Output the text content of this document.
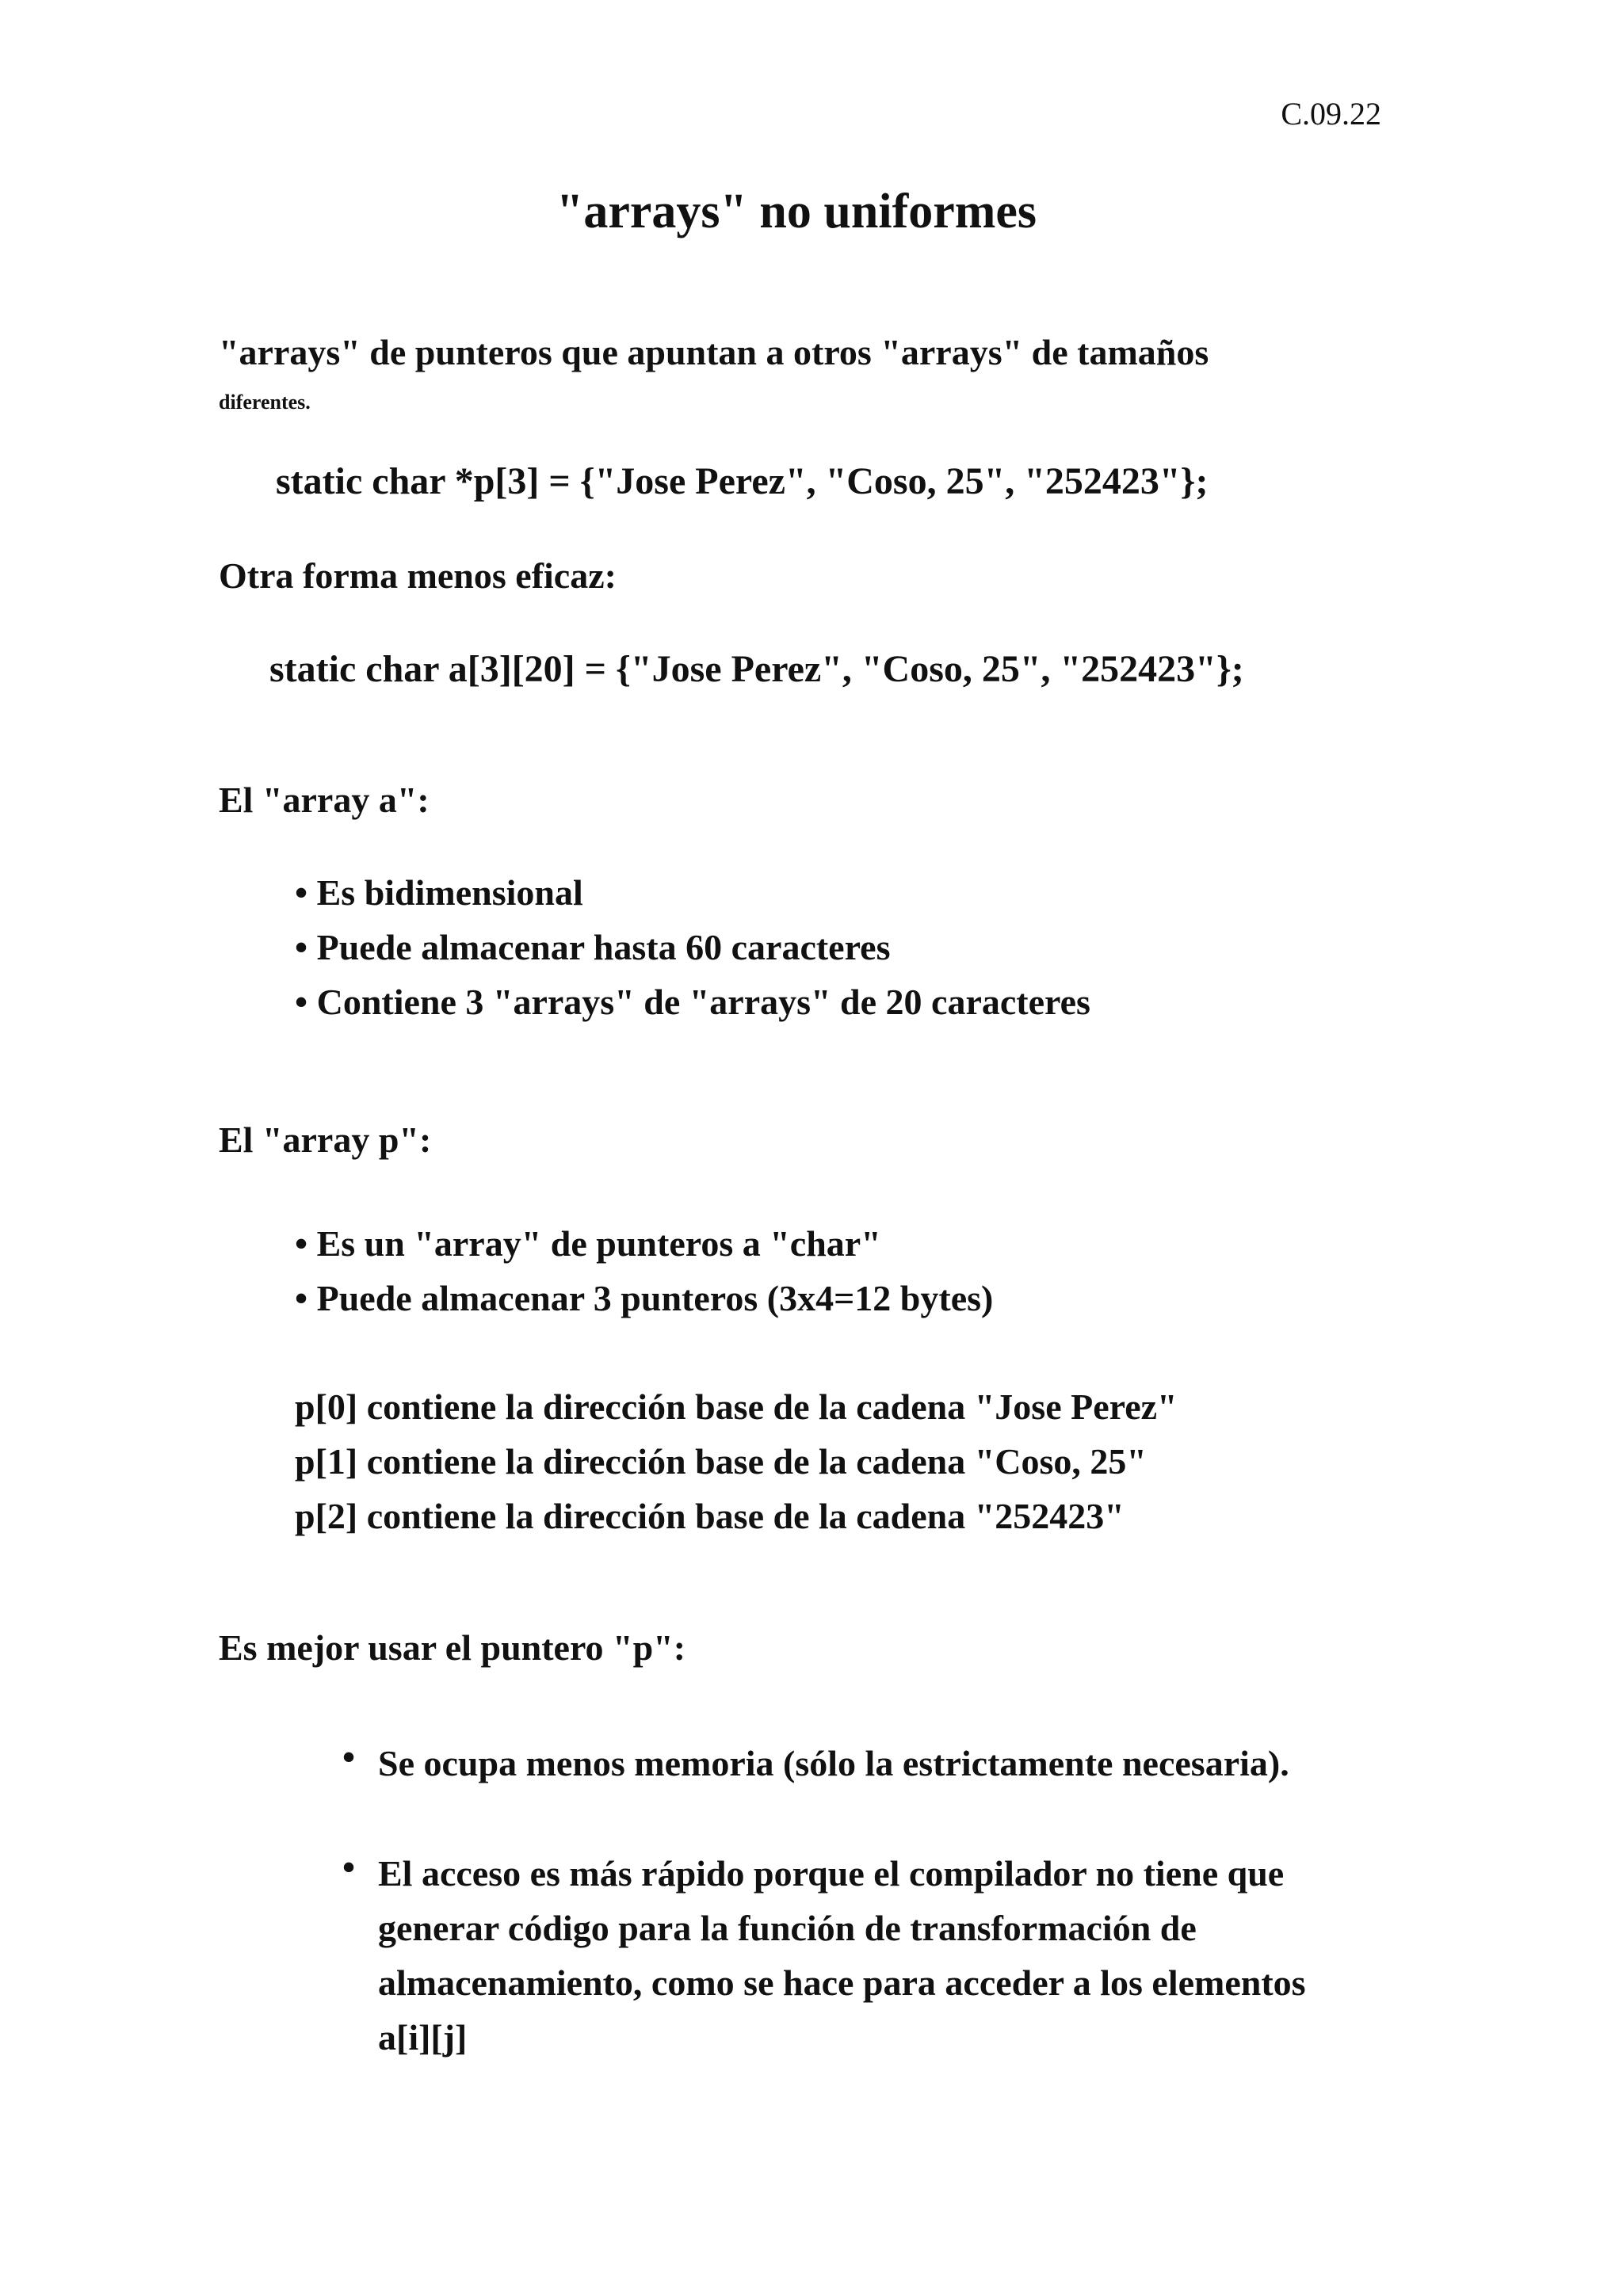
C.09.22
"arrays" no uniformes
"arrays" de punteros que apuntan a otros "arrays" de tamaños
diferentes.
static char *p[3] = {"Jose Perez", "Coso, 25", "252423"};
Otra forma menos eficaz:
static char a[3][20] = {"Jose Perez", "Coso, 25", "252423"};
El "array a":
• Es bidimensional
• Puede almacenar hasta 60 caracteres
• Contiene 3 "arrays" de "arrays" de 20 caracteres
El "array p":
• Es un "array" de punteros a "char"
• Puede almacenar 3 punteros (3x4=12 bytes)
p[0] contiene la dirección base de la cadena "Jose Perez"
p[1] contiene la dirección base de la cadena "Coso, 25"
p[2] contiene la dirección base de la cadena "252423"
Es mejor usar el puntero "p":
• Se ocupa menos memoria (sólo la estrictamente necesaria).
• El acceso es más rápido porque el compilador no tiene que
generar código para la función de transformación de
almacenamiento, como se hace para acceder a los elementos
a[i][j]
